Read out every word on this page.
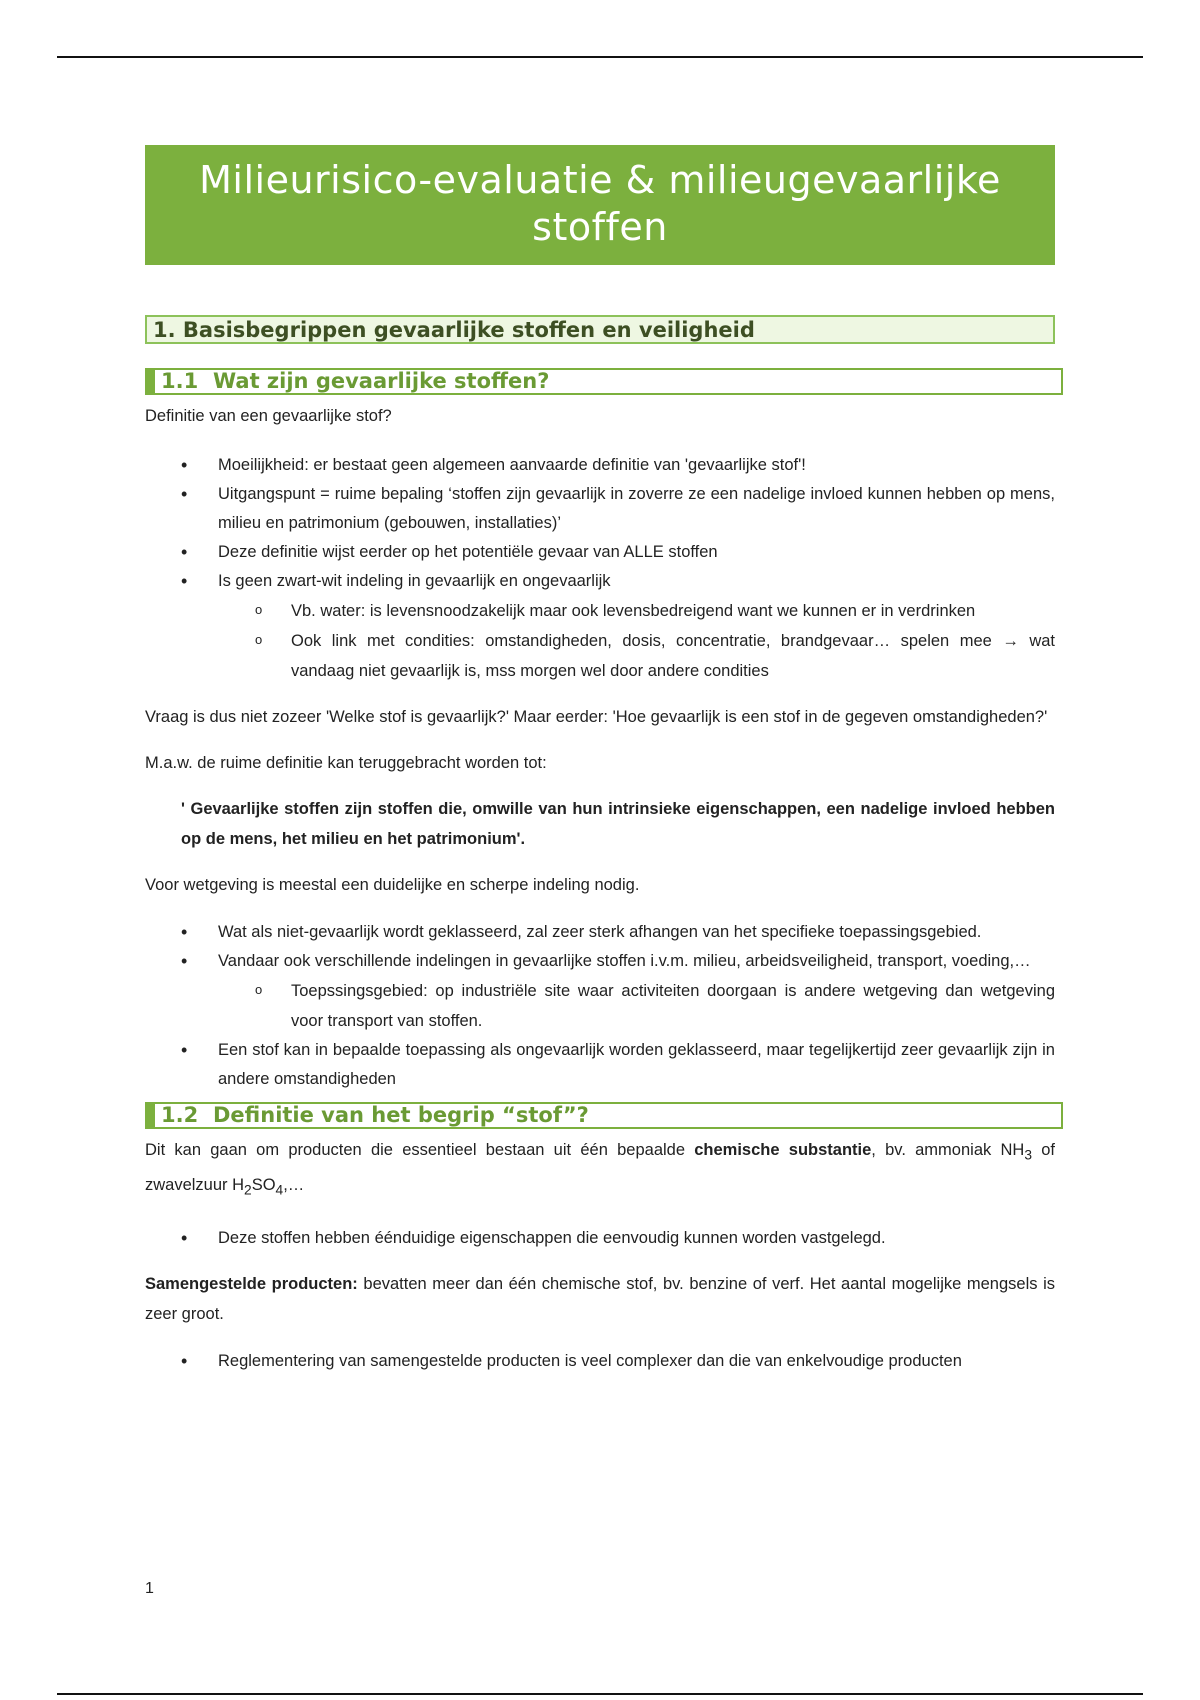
Milieurisico-evaluatie & milieugevaarlijke stoffen
1. Basisbegrippen gevaarlijke stoffen en veiligheid
1.1 Wat zijn gevaarlijke stoffen?

Definitie van een gevaarlijke stof?

• Moeilijkheid: er bestaat geen algemeen aanvaarde definitie van 'gevaarlijke stof'!
• Uitgangspunt = ruime bepaling ‘stoffen zijn gevaarlijk in zoverre ze een nadelige invloed kunnen hebben op mens, milieu en patrimonium (gebouwen, installaties)’
• Deze definitie wijst eerder op het potentiële gevaar van ALLE stoffen
• Is geen zwart-wit indeling in gevaarlijk en ongevaarlijk
o Vb. water: is levensnoodzakelijk maar ook levensbedreigend want we kunnen er in verdrinken
o Ook link met condities: omstandigheden, dosis, concentratie, brandgevaar… spelen mee → wat vandaag niet gevaarlijk is, mss morgen wel door andere condities

Vraag is dus niet zozeer 'Welke stof is gevaarlijk?' Maar eerder: 'Hoe gevaarlijk is een stof in de gegeven omstandigheden?'

M.a.w. de ruime definitie kan teruggebracht worden tot:

' Gevaarlijke stoffen zijn stoffen die, omwille van hun intrinsieke eigenschappen, een nadelige invloed hebben op de mens, het milieu en het patrimonium'.

Voor wetgeving is meestal een duidelijke en scherpe indeling nodig.

• Wat als niet-gevaarlijk wordt geklasseerd, zal zeer sterk afhangen van het specifieke toepassingsgebied.
• Vandaar ook verschillende indelingen in gevaarlijke stoffen i.v.m. milieu, arbeidsveiligheid, transport, voeding,…
o Toepssingsgebied: op industriële site waar activiteiten doorgaan is andere wetgeving dan wetgeving voor transport van stoffen.
• Een stof kan in bepaalde toepassing als ongevaarlijk worden geklasseerd, maar tegelijkertijd zeer gevaarlijk zijn in andere omstandigheden
1.2 Definitie van het begrip “stof”?

Dit kan gaan om producten die essentieel bestaan uit één bepaalde chemische substantie, bv. ammoniak $NH_3$ of zwavelzuur $H_2SO_4,\dots$

• Deze stoffen hebben éénduidige eigenschappen die eenvoudig kunnen worden vastgelegd.

Samengestelde producten: bevatten meer dan één chemische stof, bv. benzine of verf. Het aantal mogelijke mengsels is zeer groot.

• Reglementering van samengestelde producten is veel complexer dan die van enkelvoudige producten
1
